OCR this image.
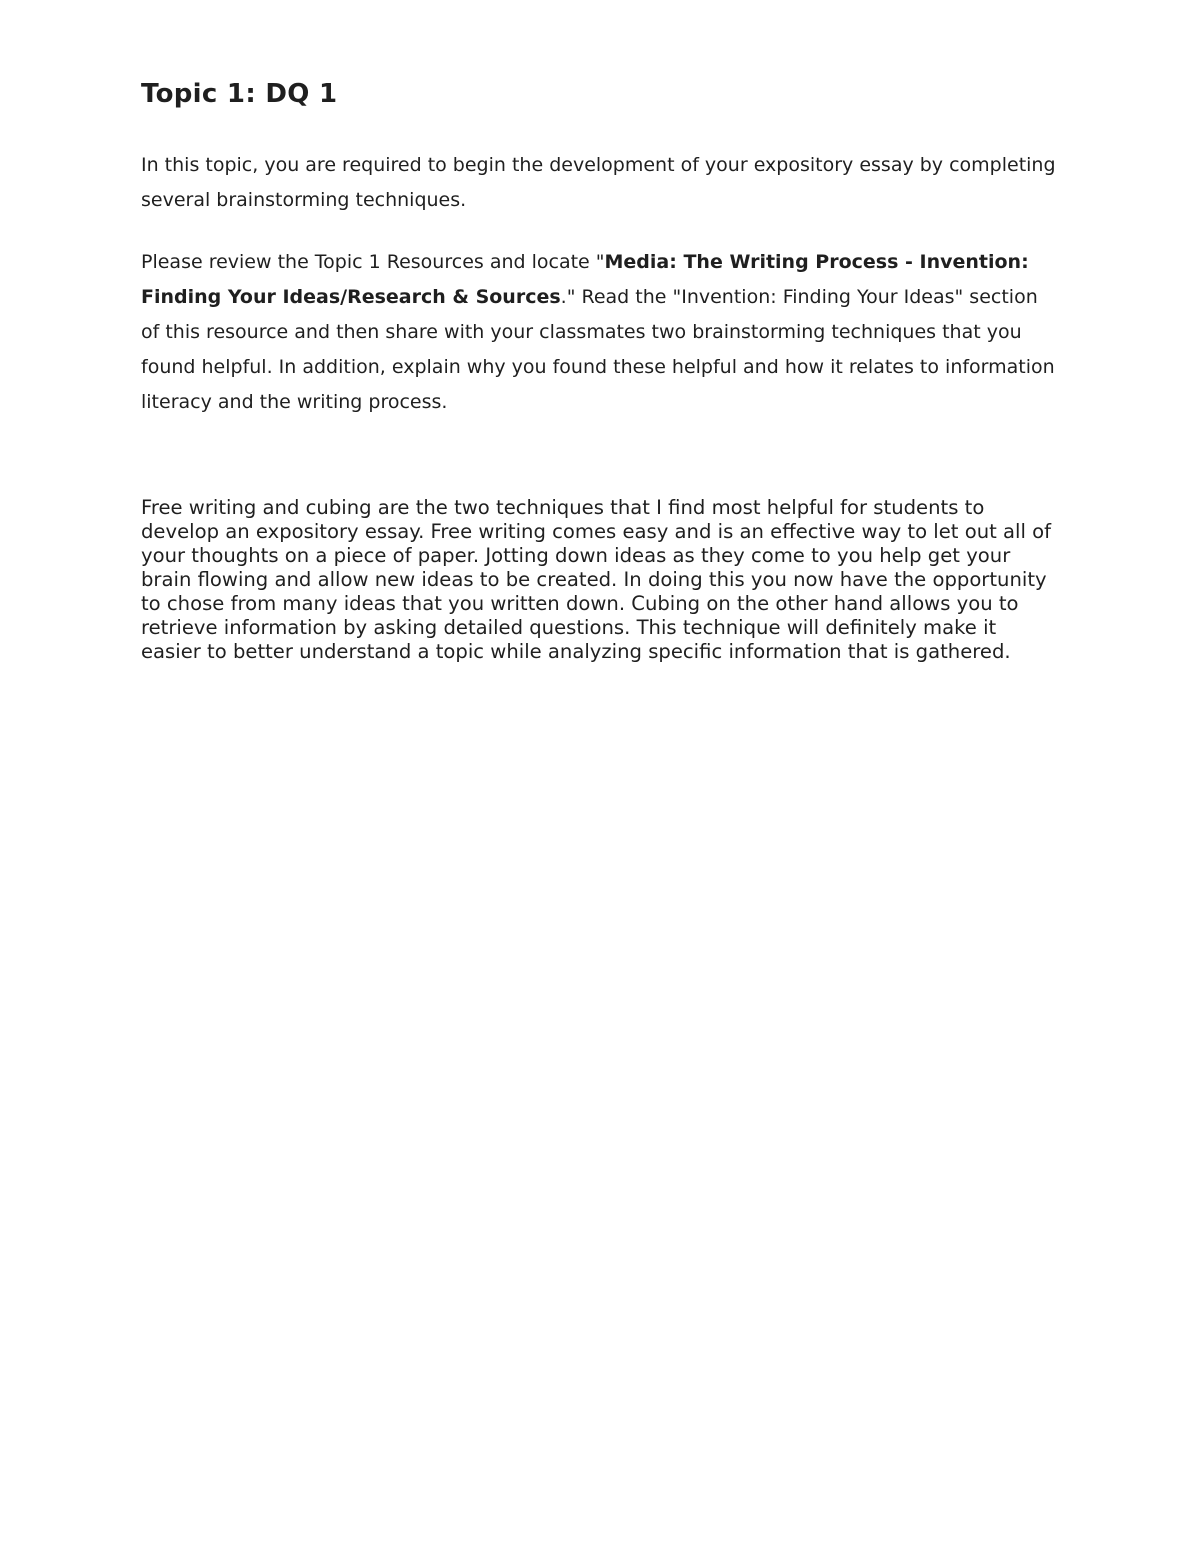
Topic 1: DQ 1

In this topic, you are required to begin the development of your expository essay by completing several brainstorming techniques.

Please review the Topic 1 Resources and locate "Media: The Writing Process - Invention: Finding Your Ideas/Research & Sources." Read the "Invention: Finding Your Ideas" section of this resource and then share with your classmates two brainstorming techniques that you found helpful. In addition, explain why you found these helpful and how it relates to information literacy and the writing process.

Free writing and cubing are the two techniques that I find most helpful for students to develop an expository essay. Free writing comes easy and is an effective way to let out all of your thoughts on a piece of paper. Jotting down ideas as they come to you help get your brain flowing and allow new ideas to be created. In doing this you now have the opportunity to chose from many ideas that you written down. Cubing on the other hand allows you to retrieve information by asking detailed questions. This technique will definitely make it easier to better understand a topic while analyzing specific information that is gathered.
